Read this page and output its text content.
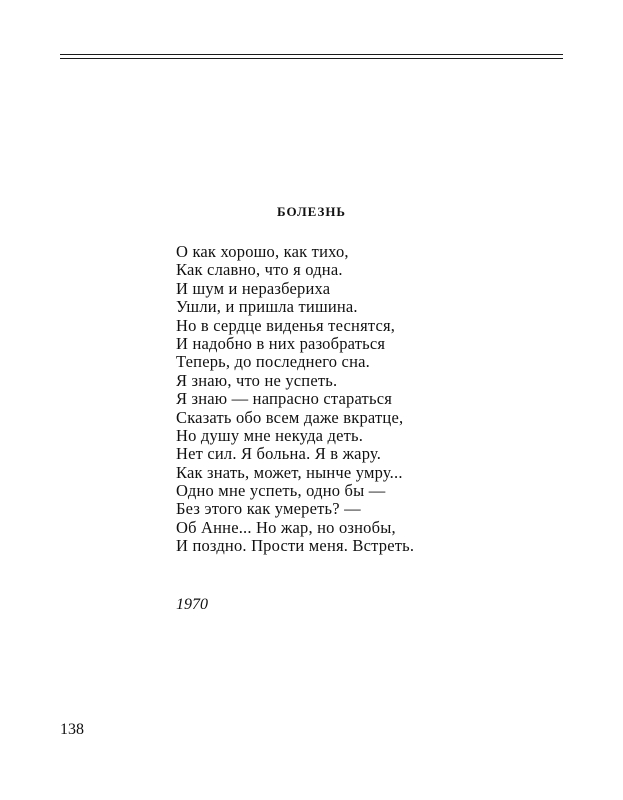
БОЛЕЗНЬ
О как хорошо, как тихо,
Как славно, что я одна.
И шум и неразбериха
Ушли, и пришла тишина.
Но в сердце виденья теснятся,
И надобно в них разобраться
Теперь, до последнего сна.
Я знаю, что не успеть.
Я знаю — напрасно стараться
Сказать обо всем даже вкратце,
Но душу мне некуда деть.
Нет сил. Я больна. Я в жару.
Как знать, может, нынче умру...
Одно мне успеть, одно бы —
Без этого как умереть? —
Об Анне... Но жар, но ознобы,
И поздно. Прости меня. Встреть.

1970

138
